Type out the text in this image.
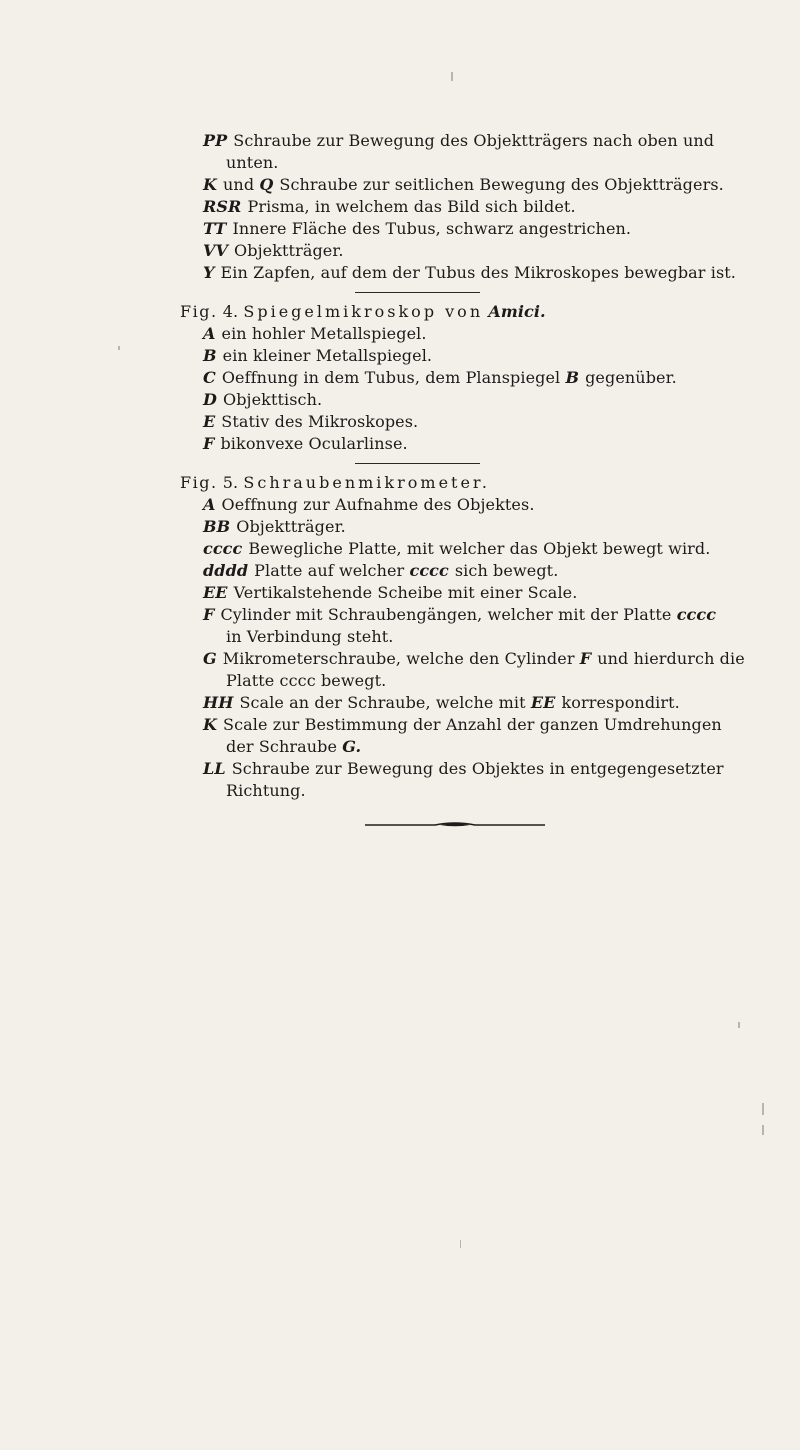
PP Schraube zur Bewegung des Objektträgers nach oben und
unten.
K und Q Schraube zur seitlichen Bewegung des Objektträgers.
RSR Prisma, in welchem das Bild sich bildet.
TT Innere Fläche des Tubus, schwarz angestrichen.
VV Objektträger.
Y Ein Zapfen, auf dem der Tubus des Mikroskopes bewegbar ist.
Fig. 4. Spiegelmikroskop von Amici.
A ein hohler Metallspiegel.
B ein kleiner Metallspiegel.
C Oeffnung in dem Tubus, dem Planspiegel B gegenüber.
D Objekttisch.
E Stativ des Mikroskopes.
F bikonvexe Ocularlinse.
Fig. 5. Schraubenmikrometer.
A Oeffnung zur Aufnahme des Objektes.
BB Objektträger.
cccc Bewegliche Platte, mit welcher das Objekt bewegt wird.
dddd Platte auf welcher cccc sich bewegt.
EE Vertikalstehende Scheibe mit einer Scale.
F Cylinder mit Schraubengängen, welcher mit der Platte cccc
in Verbindung steht.
G Mikrometerschraube, welche den Cylinder F und hierdurch die
Platte cccc bewegt.
HH Scale an der Schraube, welche mit EE korrespondirt.
K Scale zur Bestimmung der Anzahl der ganzen Umdrehungen
der Schraube G.
LL Schraube zur Bewegung des Objektes in entgegengesetzter
Richtung.
